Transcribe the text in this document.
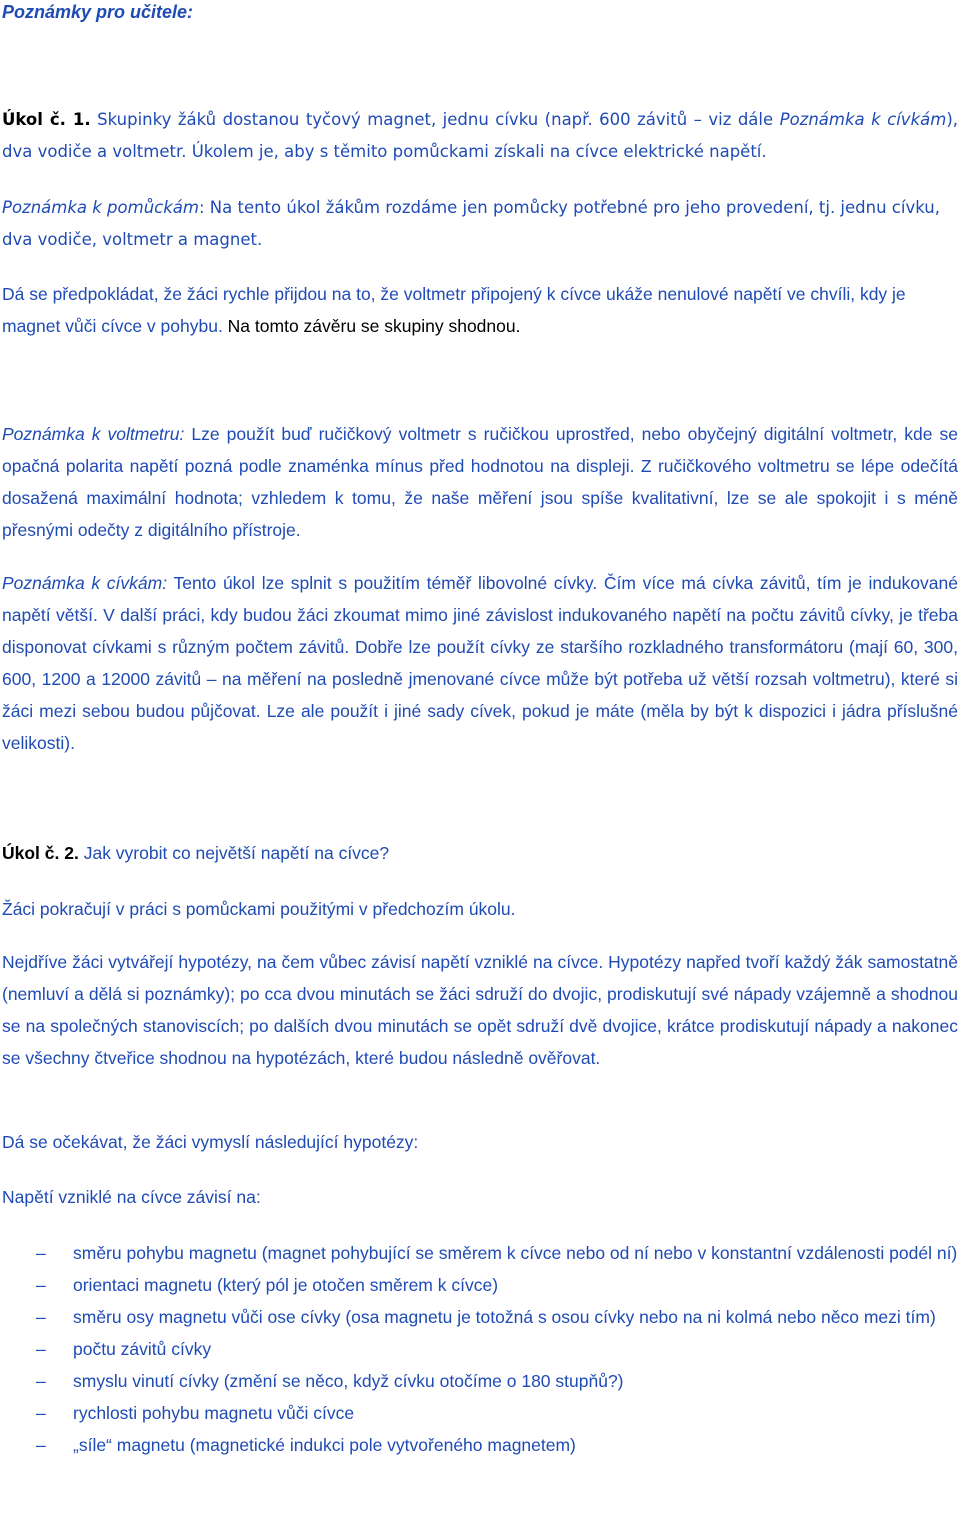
Poznámky pro učitele:

Úkol č. 1. Skupinky žáků dostanou tyčový magnet, jednu cívku (např. 600 závitů – viz dále Poznámka k cívkám), dva vodiče a voltmetr. Úkolem je, aby s těmito pomůckami získali na cívce elektrické napětí.

Poznámka k pomůckám: Na tento úkol žákům rozdáme jen pomůcky potřebné pro jeho provedení, tj. jednu cívku, dva vodiče, voltmetr a magnet.

Dá se předpokládat, že žáci rychle přijdou na to, že voltmetr připojený k cívce ukáže nenulové napětí ve chvíli, kdy je magnet vůči cívce v pohybu. Na tomto závěru se skupiny shodnou.

Poznámka k voltmetru: Lze použít buď ručičkový voltmetr s ručičkou uprostřed, nebo obyčejný digitální voltmetr, kde se opačná polarita napětí pozná podle znaménka mínus před hodnotou na displeji. Z ručičkového voltmetru se lépe odečítá dosažená maximální hodnota; vzhledem k tomu, že naše měření jsou spíše kvalitativní, lze se ale spokojit i s méně přesnými odečty z digitálního přístroje.

Poznámka k cívkám: Tento úkol lze splnit s použitím téměř libovolné cívky. Čím více má cívka závitů, tím je indukované napětí větší. V další práci, kdy budou žáci zkoumat mimo jiné závislost indukovaného napětí na počtu závitů cívky, je třeba disponovat cívkami s různým počtem závitů. Dobře lze použít cívky ze staršího rozkladného transformátoru (mají 60, 300, 600, 1200 a 12000 závitů – na měření na posledně jmenované cívce může být potřeba už větší rozsah voltmetru), které si žáci mezi sebou budou půjčovat. Lze ale použít i jiné sady cívek, pokud je máte (měla by být k dispozici i jádra příslušné velikosti).

Úkol č. 2. Jak vyrobit co největší napětí na cívce?

Žáci pokračují v práci s pomůckami použitými v předchozím úkolu.

Nejdříve žáci vytvářejí hypotézy, na čem vůbec závisí napětí vzniklé na cívce. Hypotézy napřed tvoří každý žák samostatně (nemluví a dělá si poznámky); po cca dvou minutách se žáci sdruží do dvojic, prodiskutují své nápady vzájemně a shodnou se na společných stanoviscích; po dalších dvou minutách se opět sdruží dvě dvojice, krátce prodiskutují nápady a nakonec se všechny čtveřice shodnou na hypotézách, které budou následně ověřovat.

Dá se očekávat, že žáci vymyslí následující hypotézy:

Napětí vzniklé na cívce závisí na:

– směru pohybu magnetu (magnet pohybující se směrem k cívce nebo od ní nebo v konstantní vzdálenosti podél ní)
– orientaci magnetu (který pól je otočen směrem k cívce)
– směru osy magnetu vůči ose cívky (osa magnetu je totožná s osou cívky nebo na ni kolmá nebo něco mezi tím)
– počtu závitů cívky
– smyslu vinutí cívky (změní se něco, když cívku otočíme o 180 stupňů?)
– rychlosti pohybu magnetu vůči cívce
– „síle“ magnetu (magnetické indukci pole vytvořeného magnetem)
